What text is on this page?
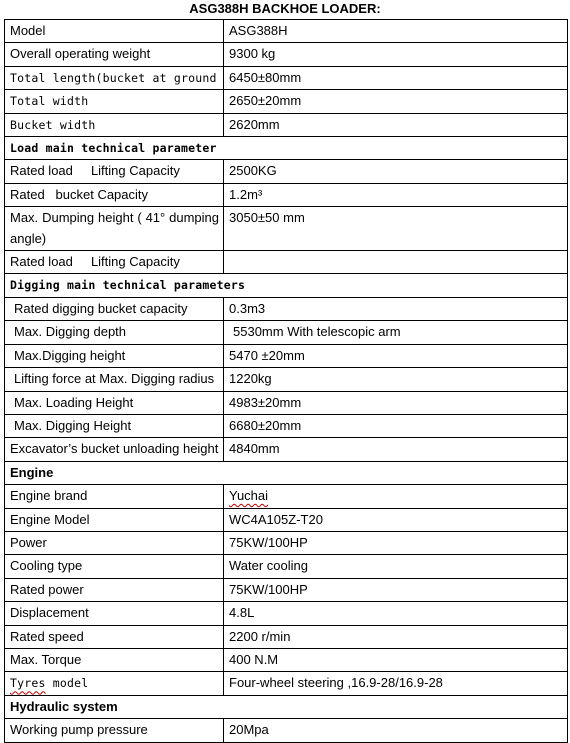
ASG388H BACKHOE LOADER:
Model	ASG388H
Overall operating weight	9300 kg
Total length(bucket at ground	6450±80mm
Total width	2650±20mm
Bucket width	2620mm
Load main technical parameter	
Rated load     Lifting Capacity	2500KG
Rated   bucket Capacity	1.2m³
Max. Dumping height ( 41° dumping angle)	3050±50 mm
Rated load     Lifting Capacity	
Digging main technical parameters	
Rated digging bucket capacity	0.3m3
Max. Digging depth	5530mm With telescopic arm
Max.Digging height	5470 ±20mm
Lifting force at Max. Digging radius	1220kg
Max. Loading Height	4983±20mm
Max. Digging Height	6680±20mm
Excavator’s bucket unloading height	4840mm
Engine	
Engine brand	Yuchai
Engine Model	WC4A105Z-T20
Power	75KW/100HP
Cooling type	Water cooling
Rated power	75KW/100HP
Displacement	4.8L
Rated speed	2200 r/min
Max. Torque	400 N.M
Tyres model	Four-wheel steering ,16.9-28/16.9-28
Hydraulic system	
Working pump pressure	20Mpa
